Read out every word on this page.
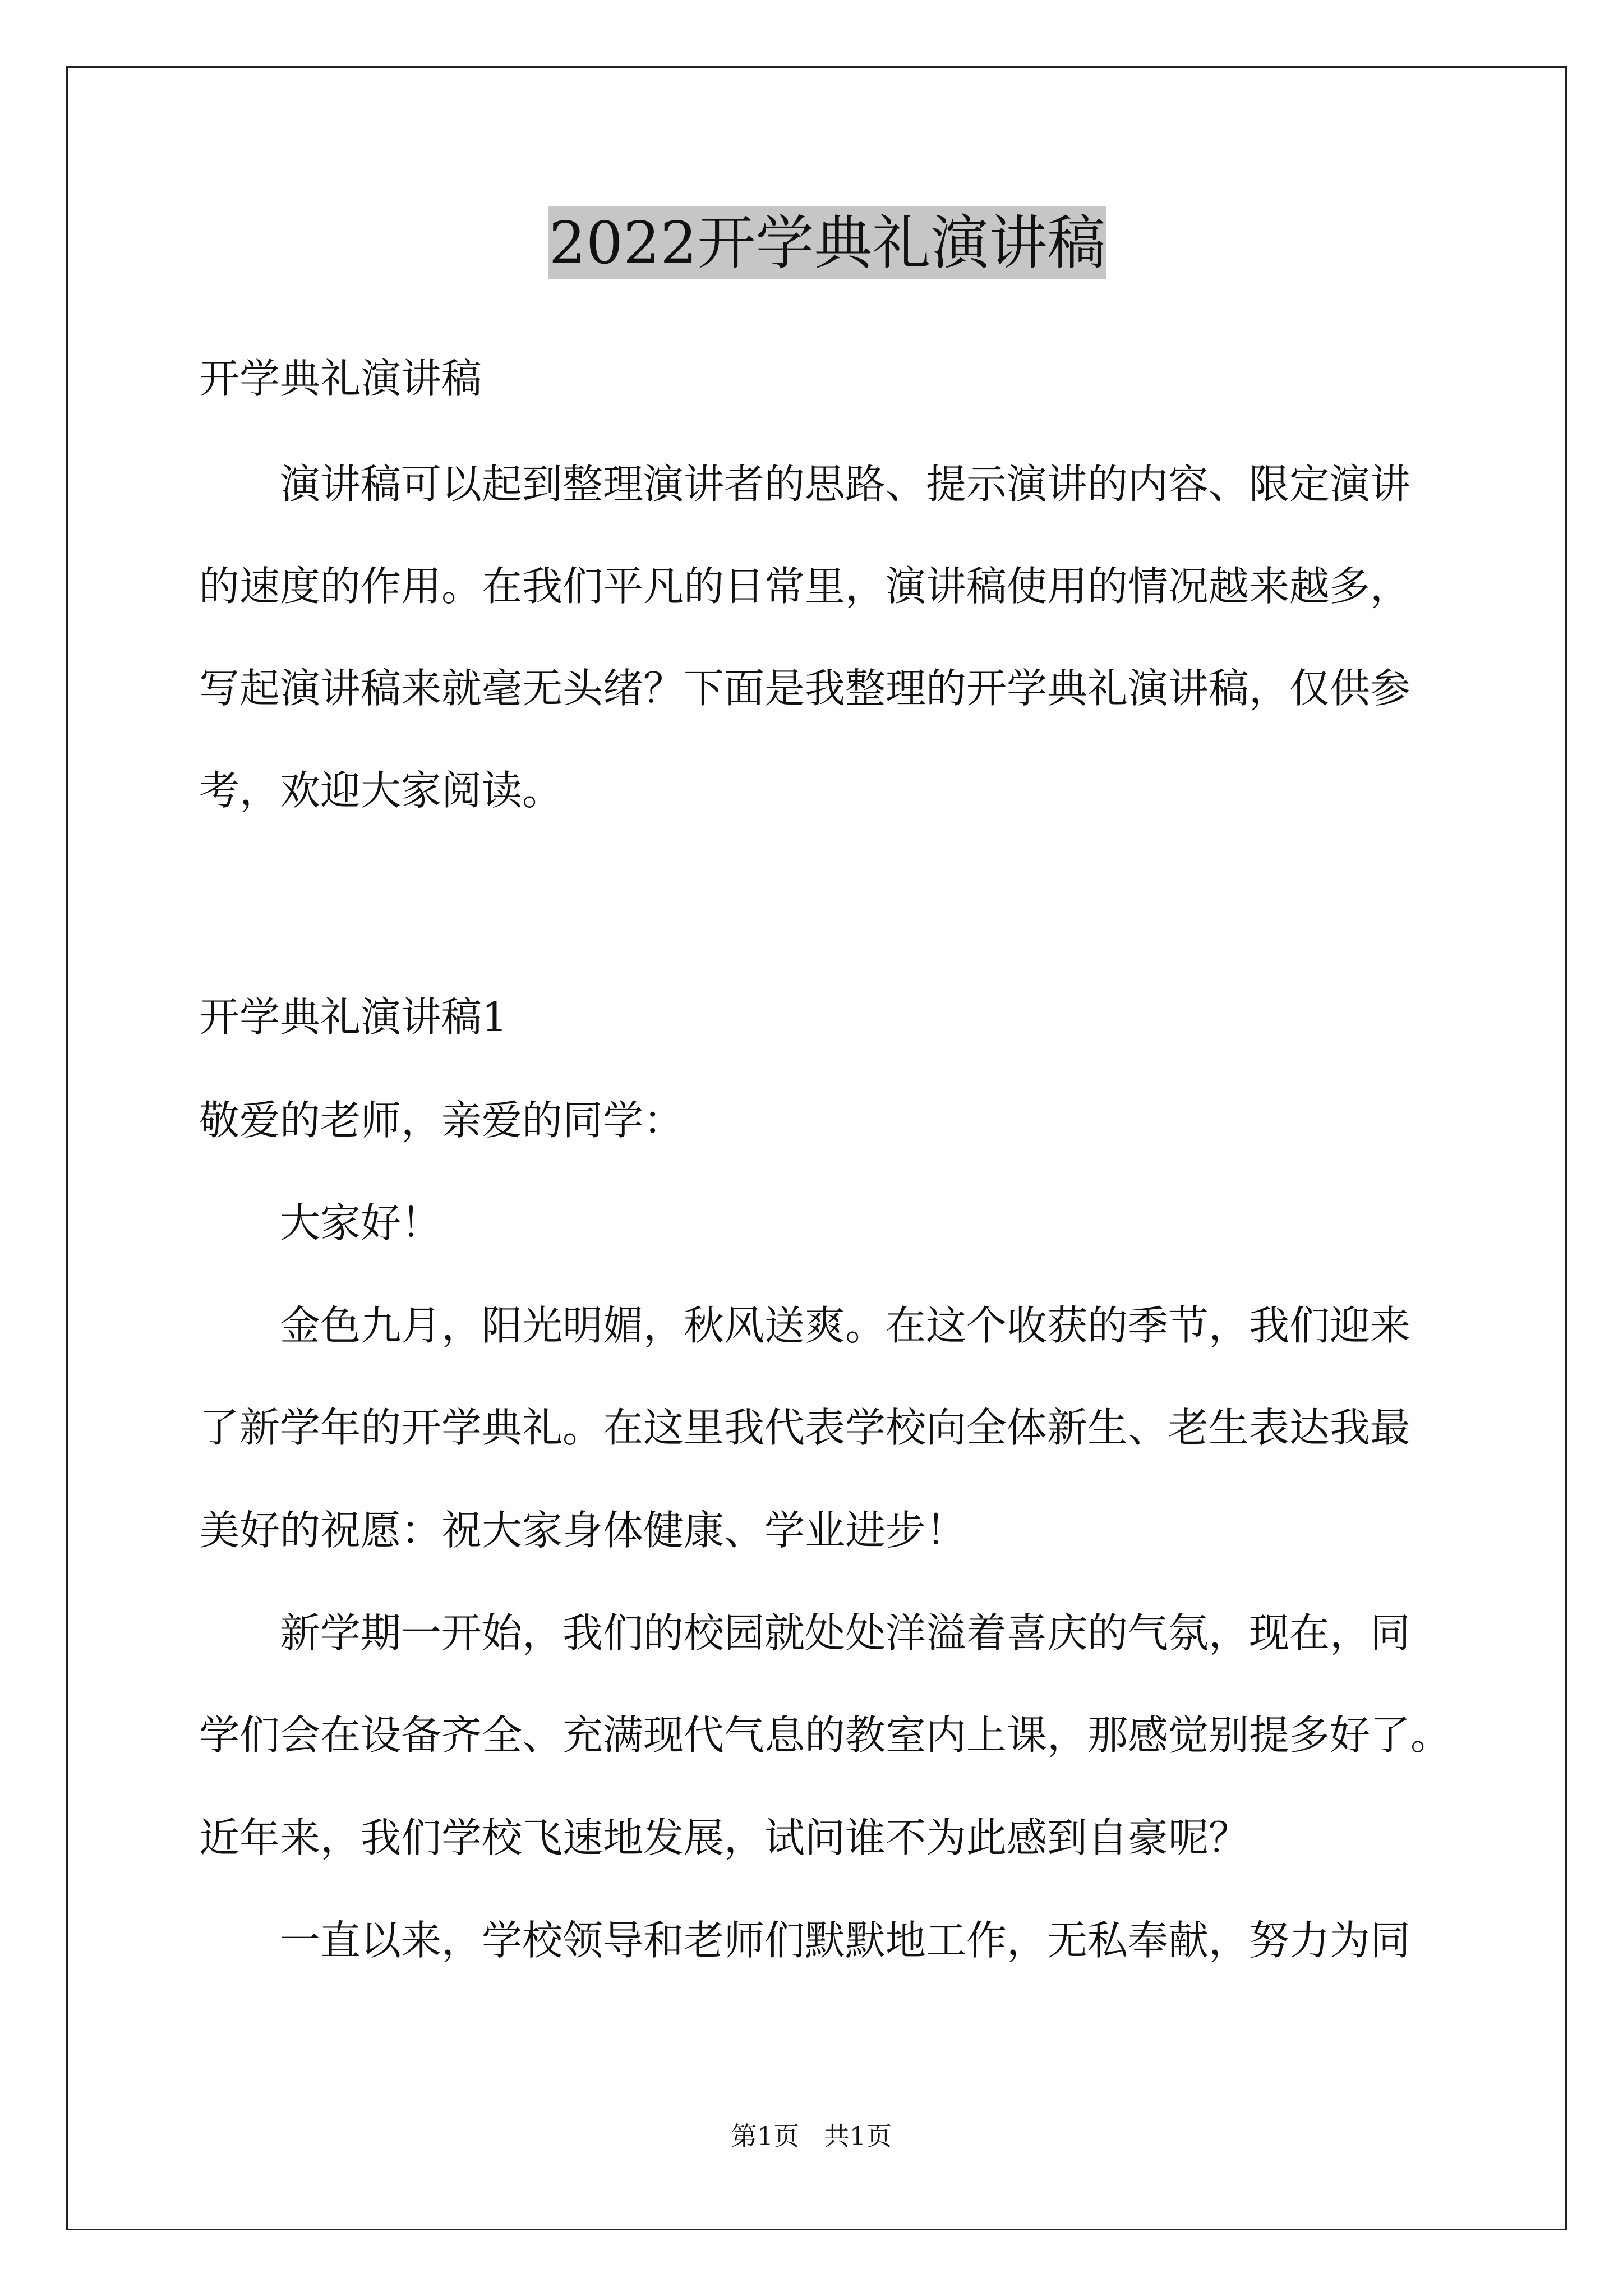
2022开学典礼演讲稿
开学典礼演讲稿
演讲稿可以起到整理演讲者的思路、提示演讲的内容、限定演讲
的速度的作用。在我们平凡的日常里，演讲稿使用的情况越来越多，
写起演讲稿来就毫无头绪？下面是我整理的开学典礼演讲稿，仅供参
考，欢迎大家阅读。
开学典礼演讲稿1
敬爱的老师，亲爱的同学：
大家好！
金色九月，阳光明媚，秋风送爽。在这个收获的季节，我们迎来
了新学年的开学典礼。在这里我代表学校向全体新生、老生表达我最
美好的祝愿：祝大家身体健康、学业进步！
新学期一开始，我们的校园就处处洋溢着喜庆的气氛，现在，同
学们会在设备齐全、充满现代气息的教室内上课，那感觉别提多好了。
近年来，我们学校飞速地发展，试问谁不为此感到自豪呢？
一直以来，学校领导和老师们默默地工作，无私奉献，努力为同
第1页   共1页
